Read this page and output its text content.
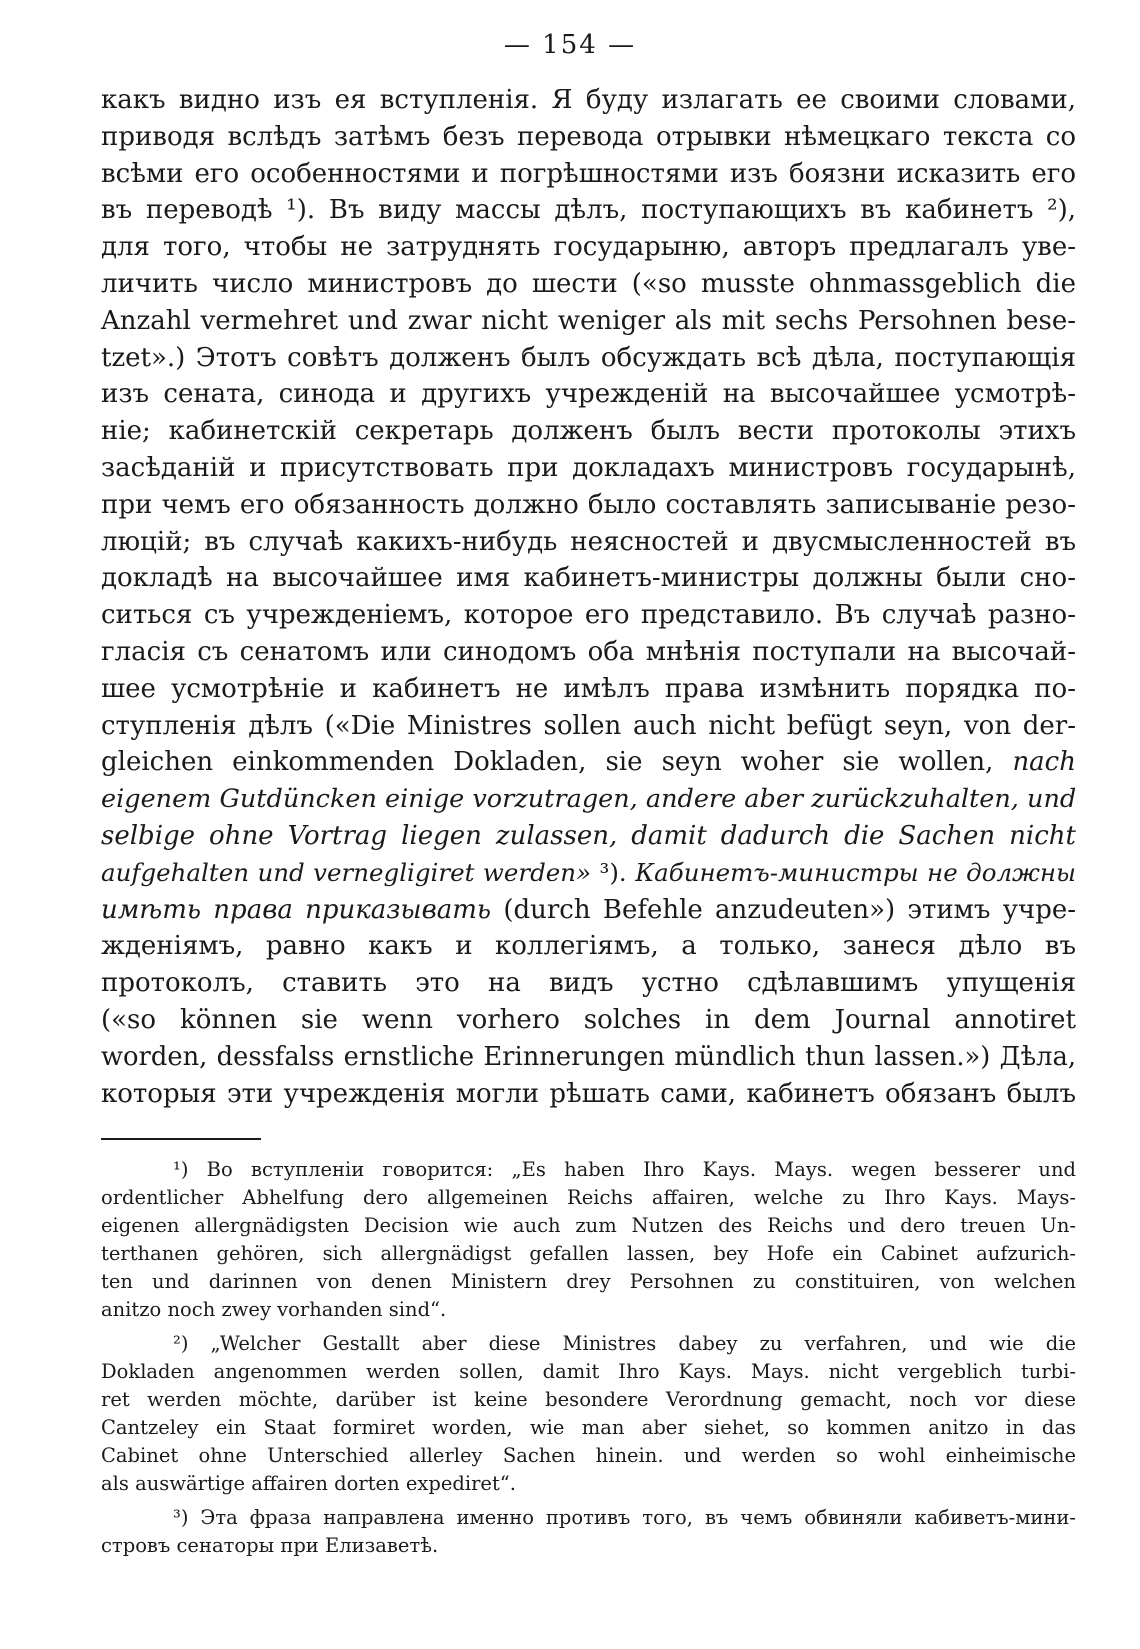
— 154 —
какъ видно изъ ея вступленія. Я буду излагать ее своими словами,
приводя вслѣдъ затѣмъ безъ перевода отрывки нѣмецкаго текста со
всѣми его особенностями и погрѣшностями изъ боязни исказить его
въ переводѣ ¹). Въ виду массы дѣлъ, поступающихъ въ кабинетъ ²),
для того, чтобы не затруднять государыню, авторъ предлагалъ уве-
личить число министровъ до шести («so musste ohnmassgeblich die
Anzahl vermehret und zwar nicht weniger als mit sechs Persohnen bese-
tzet».) Этотъ совѣтъ долженъ былъ обсуждать всѣ дѣла, поступающія
изъ сената, синода и другихъ учрежденій на высочайшее усмотрѣ-
ніе; кабинетскій секретарь долженъ былъ вести протоколы этихъ
засѣданій и присутствовать при докладахъ министровъ государынѣ,
при чемъ его обязанность должно было составлять записываніе резо-
люцій; въ случаѣ какихъ-нибудь неясностей и двусмысленностей въ
докладѣ на высочайшее имя кабинетъ-министры должны были сно-
ситься съ учрежденіемъ, которое его представило. Въ случаѣ разно-
гласія съ сенатомъ или синодомъ оба мнѣнія поступали на высочай-
шее усмотрѣніе и кабинетъ не имѣлъ права измѣнить порядка по-
ступленія дѣлъ («Die Ministres sollen auch nicht befügt seyn, von der-
gleichen einkommenden Dokladen, sie seyn woher sie wollen, nach
eigenem Gutdüncken einige vorzutragen, andere aber zurückzuhalten, und
selbige ohne Vortrag liegen zulassen, damit dadurch die Sachen nicht
aufgehalten und vernegligiret werden» ³). Кабинетъ-министры не должны
имѣть права приказывать (durch Befehle anzudeuten») этимъ учре-
жденіямъ, равно какъ и коллегіямъ, а только, занеся дѣло въ
протоколъ, ставить это на видъ устно сдѣлавшимъ упущенія
(«so können sie wenn vorhero solches in dem Journal annotiret
worden, dessfalss ernstliche Erinnerungen mündlich thun lassen.») Дѣла,
которыя эти учрежденія могли рѣшать сами, кабинетъ обязанъ былъ
¹) Во вступленіи говорится: „Es haben Ihro Kays. Mays. wegen besserer und
ordentlicher Abhelfung dero allgemeinen Reichs affairen, welche zu Ihro Kays. Mays-
eigenen allergnädigsten Decision wie auch zum Nutzen des Reichs und dero treuen Un-
terthanen gehören, sich allergnädigst gefallen lassen, bey Hofe ein Cabinet aufzurich-
ten und darinnen von denen Ministern drey Persohnen zu constituiren, von welchen
anitzo noch zwey vorhanden sind“.
²) „Welcher Gestallt aber diese Ministres dabey zu verfahren, und wie die
Dokladen angenommen werden sollen, damit Ihro Kays. Mays. nicht vergeblich turbi-
ret werden möchte, darüber ist keine besondere Verordnung gemacht, noch vor diese
Cantzeley ein Staat formiret worden, wie man aber siehet, so kommen anitzo in das
Cabinet ohne Unterschied allerley Sachen hinein. und werden so wohl einheimische
als auswärtige affairen dorten expediret“.
³) Эта фраза направлена именно противъ того, въ чемъ обвиняли кабиветъ-мини-
стровъ сенаторы при Елизаветѣ.
